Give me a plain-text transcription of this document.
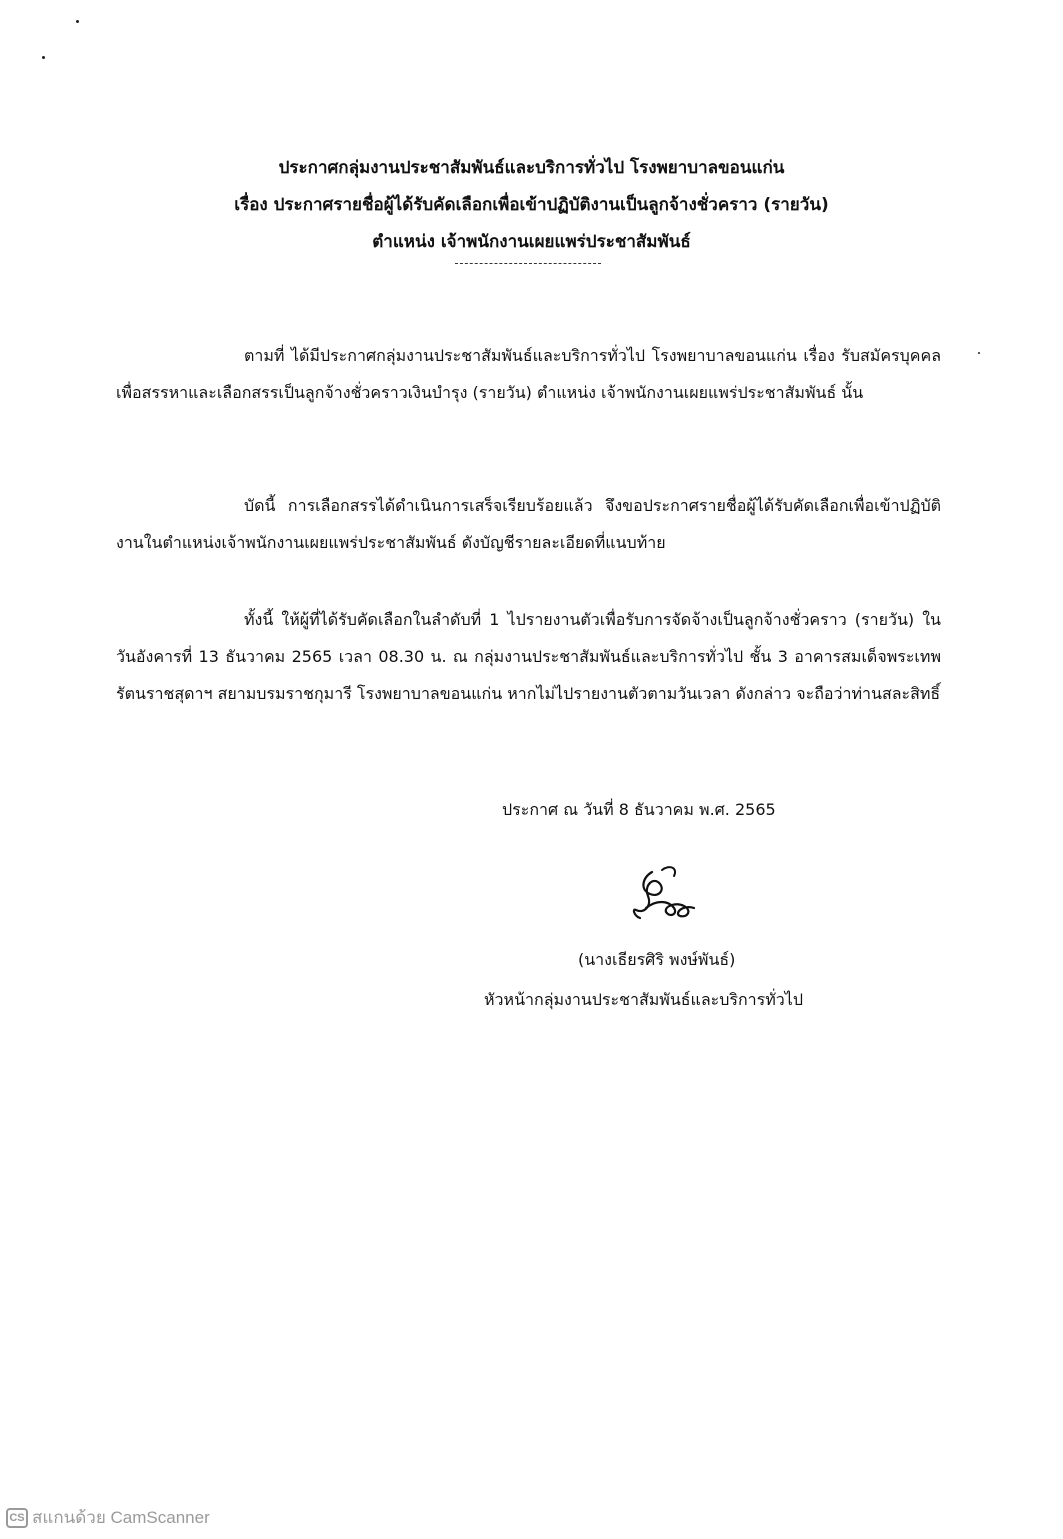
ประกาศกลุ่มงานประชาสัมพันธ์และบริการทั่วไป โรงพยาบาลขอนแก่น
เรื่อง ประกาศรายชื่อผู้ได้รับคัดเลือกเพื่อเข้าปฏิบัติงานเป็นลูกจ้างชั่วคราว (รายวัน)
ตำแหน่ง เจ้าพนักงานเผยแพร่ประชาสัมพันธ์
ตามที่ ได้มีประกาศกลุ่มงานประชาสัมพันธ์และบริการทั่วไป โรงพยาบาลขอนแก่น เรื่อง รับสมัครบุคคลเพื่อสรรหาและเลือกสรรเป็นลูกจ้างชั่วคราวเงินบำรุง (รายวัน) ตำแหน่ง เจ้าพนักงานเผยแพร่ประชาสัมพันธ์ นั้น
บัดนี้ การเลือกสรรได้ดำเนินการเสร็จเรียบร้อยแล้ว จึงขอประกาศรายชื่อผู้ได้รับคัดเลือกเพื่อเข้าปฏิบัติงานในตำแหน่งเจ้าพนักงานเผยแพร่ประชาสัมพันธ์ ดังบัญชีรายละเอียดที่แนบท้าย
ทั้งนี้ ให้ผู้ที่ได้รับคัดเลือกในลำดับที่ 1 ไปรายงานตัวเพื่อรับการจัดจ้างเป็นลูกจ้างชั่วคราว (รายวัน) ในวันอังคารที่ 13 ธันวาคม 2565 เวลา 08.30 น. ณ กลุ่มงานประชาสัมพันธ์และบริการทั่วไป ชั้น 3 อาคารสมเด็จพระเทพรัตนราชสุดาฯ สยามบรมราชกุมารี โรงพยาบาลขอนแก่น หากไม่ไปรายงานตัวตามวันเวลา ดังกล่าว จะถือว่าท่านสละสิทธิ์
ประกาศ ณ วันที่ 8 ธันวาคม พ.ศ. 2565
(นางเธียรศิริ พงษ์พันธ์)
หัวหน้ากลุ่มงานประชาสัมพันธ์และบริการทั่วไป
CS สแกนด้วย CamScanner
